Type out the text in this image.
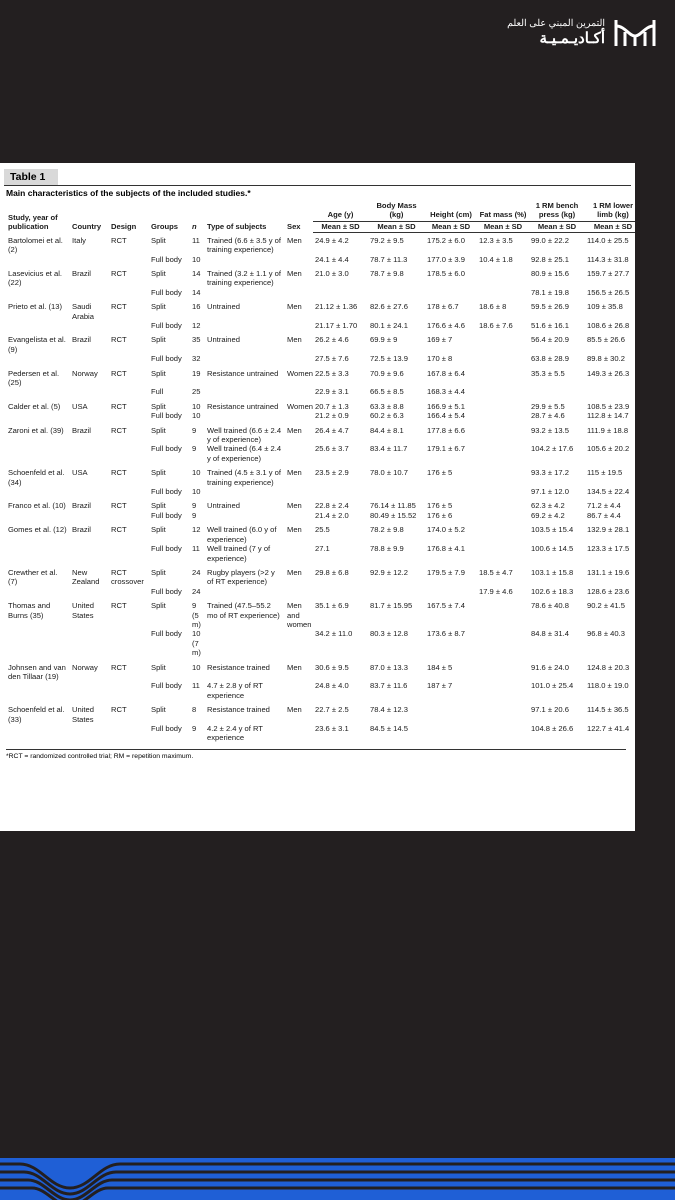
التمرين المبني على العلم
أكـاديـمـيـة
Table 1
Main characteristics of the subjects of the included studies.*
Study, year of publication	Country	Design	Groups	n	Type of subjects	Sex	Age (y)	Body Mass (kg)	Height (cm)	Fat mass (%)	1 RM bench press (kg)	1 RM lower limb (kg)
							Mean ± SD	Mean ± SD	Mean ± SD	Mean ± SD	Mean ± SD	Mean ± SD
Bartolomei et al. (2)	Italy	RCT	Split	11	Trained (6.6 ± 3.5 y of training experience)	Men	24.9 ± 4.2	79.2 ± 9.5	175.2 ± 6.0	12.3 ± 3.5	99.0 ± 22.2	114.0 ± 25.5
			Full body	10			24.1 ± 4.4	78.7 ± 11.3	177.0 ± 3.9	10.4 ± 1.8	92.8 ± 25.1	114.3 ± 31.8
Lasevicius et al. (22)	Brazil	RCT	Split	14	Trained (3.2 ± 1.1 y of training experience)	Men	21.0 ± 3.0	78.7 ± 9.8	178.5 ± 6.0		80.9 ± 15.6	159.7 ± 27.7
			Full body	14							78.1 ± 19.8	156.5 ± 26.5
Prieto et al. (13)	Saudi Arabia	RCT	Split	16	Untrained	Men	21.12 ± 1.36	82.6 ± 27.6	178 ± 6.7	18.6 ± 8	59.5 ± 26.9	109 ± 35.8
			Full body	12			21.17 ± 1.70	80.1 ± 24.1	176.6 ± 4.6	18.6 ± 7.6	51.6 ± 16.1	108.6 ± 26.8
Evangelista et al. (9)	Brazil	RCT	Split	35	Untrained	Men	26.2 ± 4.6	69.9 ± 9	169 ± 7		56.4 ± 20.9	85.5 ± 26.6
			Full body	32			27.5 ± 7.6	72.5 ± 13.9	170 ± 8		63.8 ± 28.9	89.8 ± 30.2
Pedersen et al. (25)	Norway	RCT	Split	19	Resistance untrained	Women	22.5 ± 3.3	70.9 ± 9.6	167.8 ± 6.4		35.3 ± 5.5	149.3 ± 26.3
			Full	25			22.9 ± 3.1	66.5 ± 8.5	168.3 ± 4.4			
Calder et al. (5)	USA	RCT	Split	10	Resistance untrained	Women	20.7 ± 1.3	63.3 ± 8.8	166.9 ± 5.1		29.9 ± 5.5	108.5 ± 23.9
			Full body	10			21.2 ± 0.9	60.2 ± 6.3	166.4 ± 5.4		28.7 ± 4.6	112.8 ± 14.7
Zaroni et al. (39)	Brazil	RCT	Split	9	Well trained (6.6 ± 2.4 y of experience)	Men	26.4 ± 4.7	84.4 ± 8.1	177.8 ± 6.6		93.2 ± 13.5	111.9 ± 18.8
			Full body	9	Well trained (6.4 ± 2.4 y of experience)		25.6 ± 3.7	83.4 ± 11.7	179.1 ± 6.7		104.2 ± 17.6	105.6 ± 20.2
Schoenfeld et al. (34)	USA	RCT	Split	10	Trained (4.5 ± 3.1 y of training experience)	Men	23.5 ± 2.9	78.0 ± 10.7	176 ± 5		93.3 ± 17.2	115 ± 19.5
			Full body	10							97.1 ± 12.0	134.5 ± 22.4
Franco et al. (10)	Brazil	RCT	Split	9	Untrained	Men	22.8 ± 2.4	76.14 ± 11.85	176 ± 5		62.3 ± 4.2	71.2 ± 4.4
			Full body	9			21.4 ± 2.0	80.49 ± 15.52	176 ± 6		69.2 ± 4.2	86.7 ± 4.4
Gomes et al. (12)	Brazil	RCT	Split	12	Well trained (6.0 y of experience)	Men	25.5	78.2 ± 9.8	174.0 ± 5.2		103.5 ± 15.4	132.9 ± 28.1
			Full body	11	Well trained (7 y of experience)		27.1	78.8 ± 9.9	176.8 ± 4.1		100.6 ± 14.5	123.3 ± 17.5
Crewther et al. (7)	New Zealand	RCT crossover	Split	24	Rugby players (>2 y of RT experience)	Men	29.8 ± 6.8	92.9 ± 12.2	179.5 ± 7.9	18.5 ± 4.7	103.1 ± 15.8	131.1 ± 19.6
			Full body	24						17.9 ± 4.6	102.6 ± 18.3	128.6 ± 23.6
Thomas and Burns (35)	United States	RCT	Split	9 (5 m)	Trained (47.5–55.2 mo of RT experience)	Men and women	35.1 ± 6.9	81.7 ± 15.95	167.5 ± 7.4		78.6 ± 40.8	90.2 ± 41.5
			Full body	10 (7 m)			34.2 ± 11.0	80.3 ± 12.8	173.6 ± 8.7		84.8 ± 31.4	96.8 ± 40.3
Johnsen and van den Tillaar (19)	Norway	RCT	Split	10	Resistance trained	Men	30.6 ± 9.5	87.0 ± 13.3	184 ± 5		91.6 ± 24.0	124.8 ± 20.3
			Full body	11	4.7 ± 2.8 y of RT experience		24.8 ± 4.0	83.7 ± 11.6	187 ± 7		101.0 ± 25.4	118.0 ± 19.0
Schoenfeld et al. (33)	United States	RCT	Split	8	Resistance trained	Men	22.7 ± 2.5	78.4 ± 12.3			97.1 ± 20.6	114.5 ± 36.5
			Full body	9	4.2 ± 2.4 y of RT experience		23.6 ± 3.1	84.5 ± 14.5			104.8 ± 26.6	122.7 ± 41.4
*RCT = randomized controlled trial; RM = repetition maximum.
